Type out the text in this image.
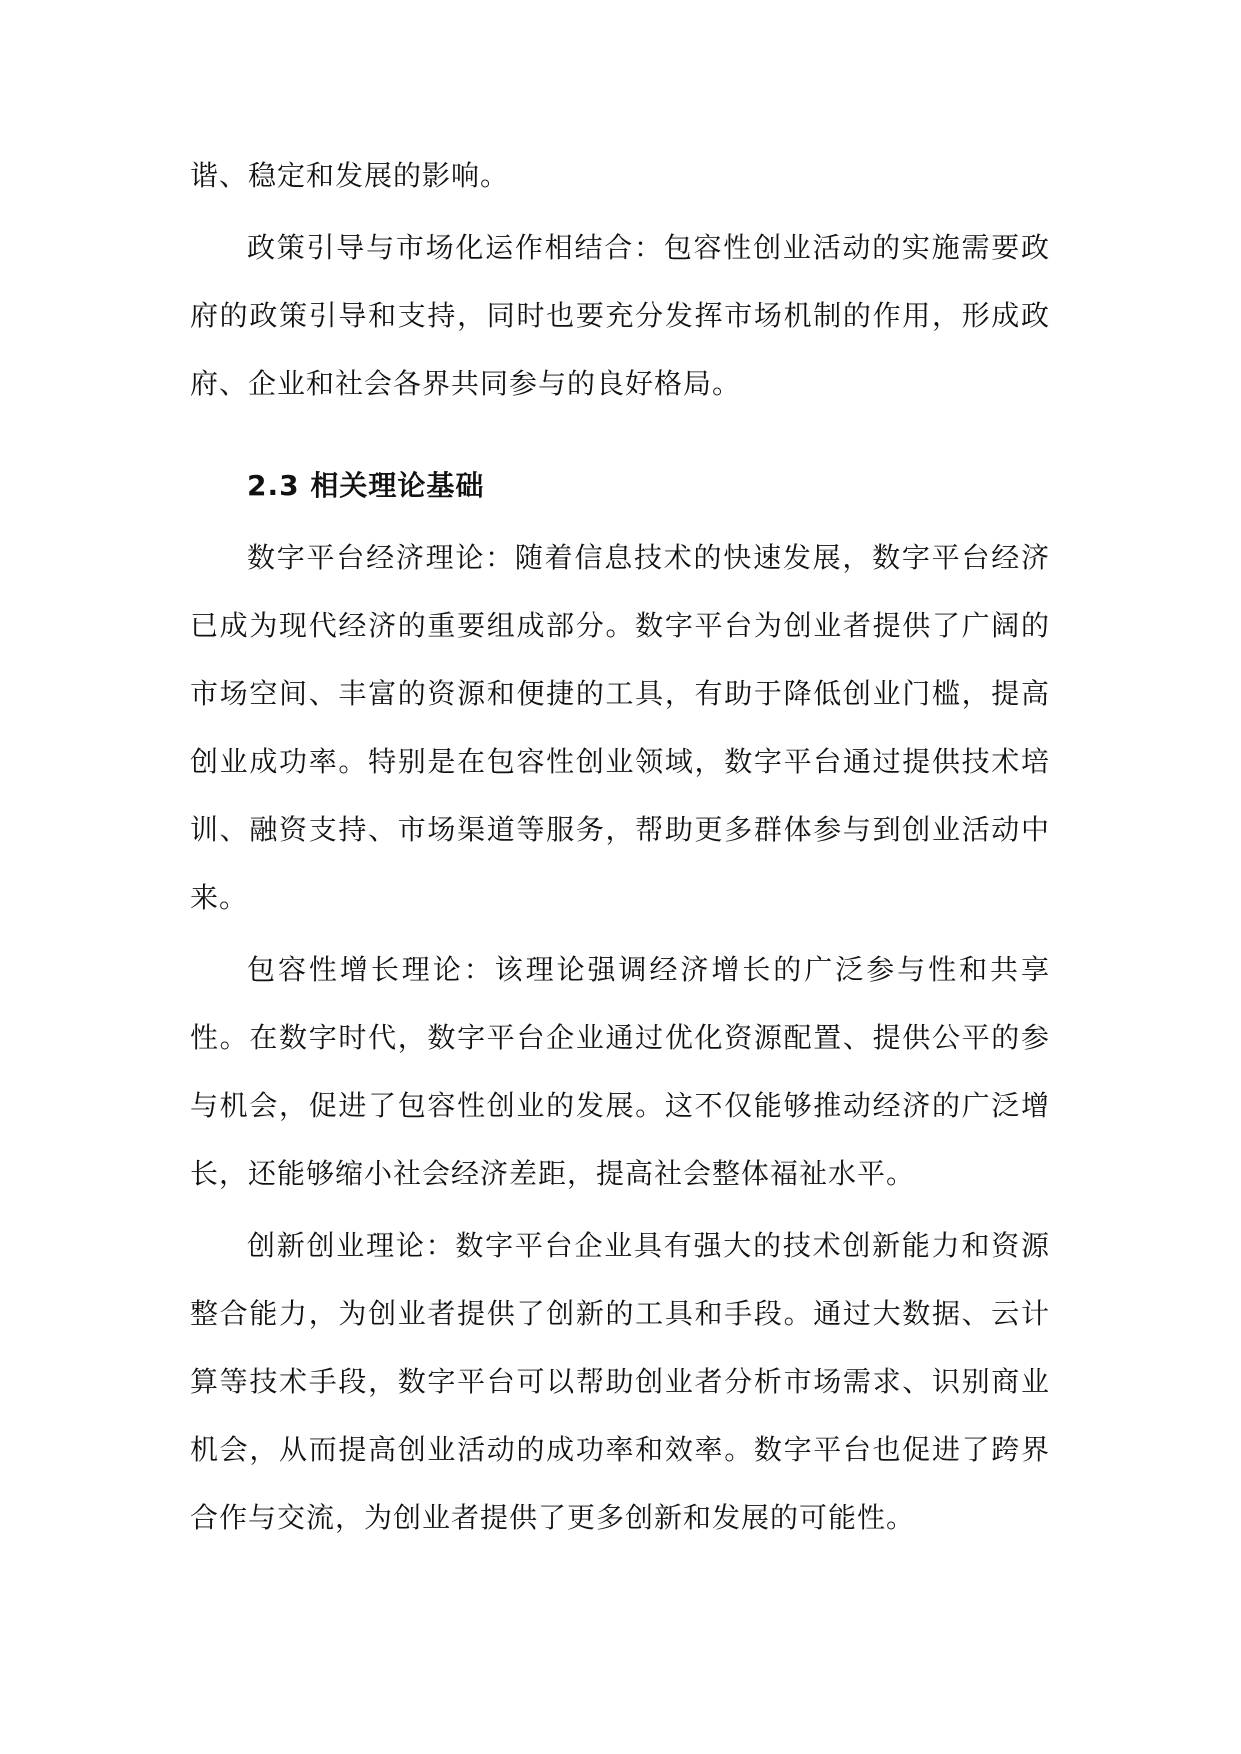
谐、稳定和发展的影响。

政策引导与市场化运作相结合：包容性创业活动的实施需要政府的政策引导和支持，同时也要充分发挥市场机制的作用，形成政府、企业和社会各界共同参与的良好格局。

2.3 相关理论基础

数字平台经济理论：随着信息技术的快速发展，数字平台经济已成为现代经济的重要组成部分。数字平台为创业者提供了广阔的市场空间、丰富的资源和便捷的工具，有助于降低创业门槛，提高创业成功率。特别是在包容性创业领域，数字平台通过提供技术培训、融资支持、市场渠道等服务，帮助更多群体参与到创业活动中来。

包容性增长理论：该理论强调经济增长的广泛参与性和共享性。在数字时代，数字平台企业通过优化资源配置、提供公平的参与机会，促进了包容性创业的发展。这不仅能够推动经济的广泛增长，还能够缩小社会经济差距，提高社会整体福祉水平。

创新创业理论：数字平台企业具有强大的技术创新能力和资源整合能力，为创业者提供了创新的工具和手段。通过大数据、云计算等技术手段，数字平台可以帮助创业者分析市场需求、识别商业机会，从而提高创业活动的成功率和效率。数字平台也促进了跨界合作与交流，为创业者提供了更多创新和发展的可能性。
